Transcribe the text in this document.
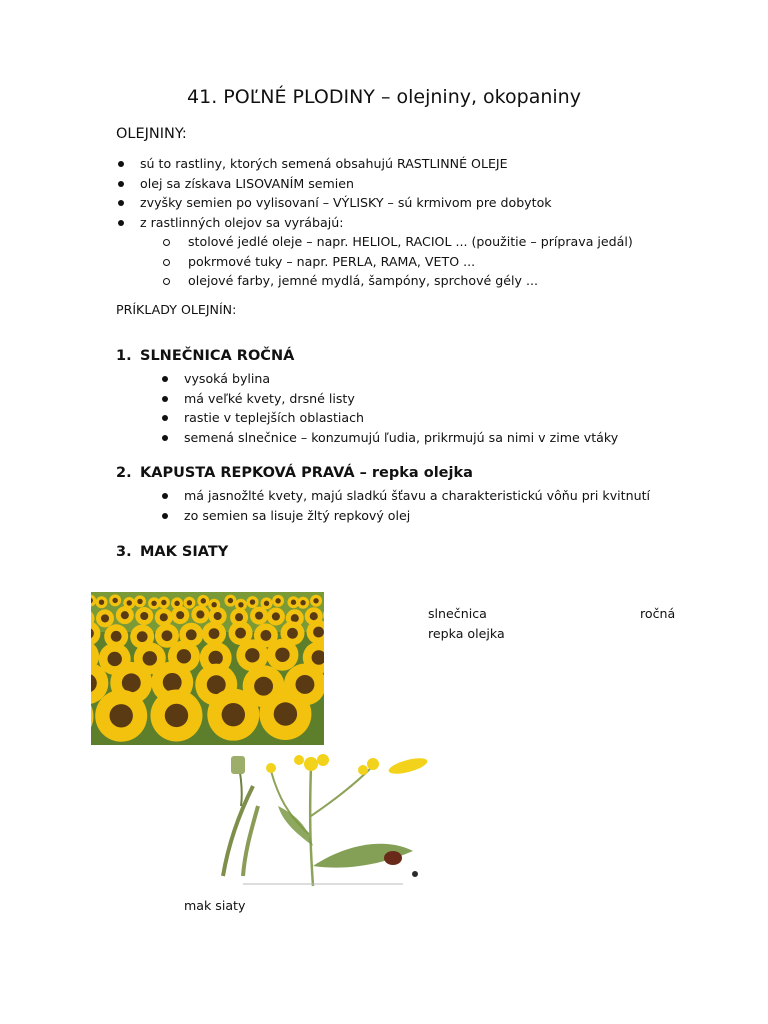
41. POĽNÉ PLODINY – olejniny, okopaniny
OLEJNINY:
sú to rastliny, ktorých semená obsahujú RASTLINNÉ OLEJE
olej sa získava LISOVANÍM semien
zvyšky semien po vylisovaní – VÝLISKY – sú krmivom pre dobytok
z rastlinných olejov sa vyrábajú:
stolové jedlé oleje – napr. HELIOL, RACIOL ... (použitie – príprava jedál)
pokrmové tuky – napr. PERLA, RAMA, VETO ...
olejové farby, jemné mydlá, šampóny, sprchové gély ...
PRÍKLADY OLEJNÍN:
1. SLNEČNICA ROČNÁ
vysoká bylina
má veľké kvety, drsné listy
rastie v teplejších oblastiach
semená slnečnice – konzumujú ľudia, prikrmujú sa nimi v zime vtáky
2. KAPUSTA REPKOVÁ PRAVÁ – repka olejka
má jasnožlté kvety, majú sladkú šťavu a charakteristickú vôňu pri kvitnutí
zo semien sa lisuje žltý repkový olej
3. MAK SIATY
slnečnica	ročná
repka olejka
mak siaty
